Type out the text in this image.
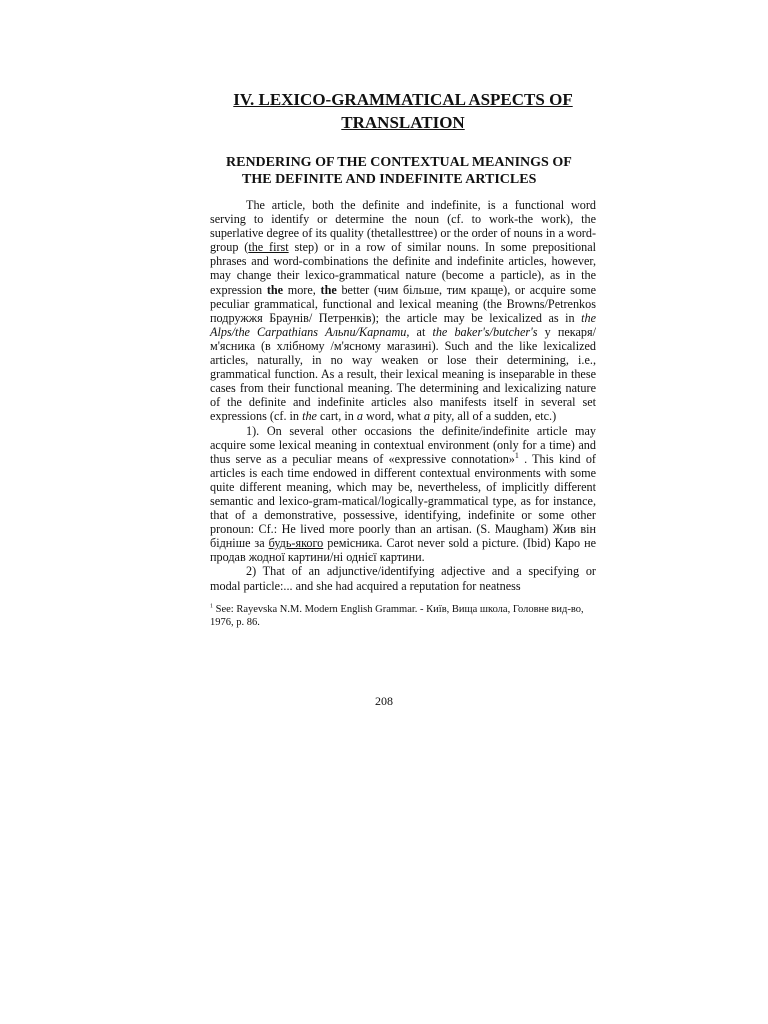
IV. LEXICO-GRAMMATICAL ASPECTS OF
TRANSLATION
RENDERING OF THE CONTEXTUAL MEANINGS OF
THE DEFINITE AND INDEFINITE ARTICLES

The article, both the definite and indefinite, is a functional word serving to identify or determine the noun (cf. to work-the work), the superlative degree of its quality (thetallesttree) or the order of nouns in a word-group (the first step) or in a row of similar nouns. In some prepositional phrases and word-combinations the definite and indefinite articles, however, may change their lexico-grammatical nature (become a particle), as in the expression the more, the better (чим більше, тим краще), or acquire some peculiar grammatical, functional and lexical meaning (the Browns/Petrenkos подружжя Браунів/ Петренків); the article may be lexicalized as in the Alps/the Carpathians Альпи/Карпати, at the baker's/butcher's у пекаря/ м'ясника (в хлібному /м'ясному магазині). Such and the like lexicalized articles, naturally, in no way weaken or lose their determining, i.e., grammatical function. As a result, their lexical meaning is inseparable in these cases from their functional meaning. The determining and lexicalizing nature of the definite and indefinite articles also manifests itself in several set expressions (cf. in the cart, in a word, what a pity, all of a sudden, etc.)

1). On several other occasions the definite/indefinite article may acquire some lexical meaning in contextual environment (only for a time) and thus serve as a peculiar means of «expressive connotation»$^1$ . This kind of articles is each time endowed in different contextual environments with some quite different meaning, which may be, nevertheless, of implicitly different semantic and lexico-gram-matical/logically-grammatical type, as for instance, that of a demonstrative, possessive, identifying, indefinite or some other pronoun: Cf.: He lived more poorly than an artisan. (S. Maugham) Жив він бідніше за будь-якого ремісника. Carot never sold a picture. (Ibid) Каро не продав жодної картини/ні однієї картини.

2) That of an adjunctive/identifying adjective and a specifying or modal particle:... and she had acquired a reputation for neatness

$^1$ See: Rayevska N.M. Modern English Grammar. - Київ, Вища школа, Головне вид-во, 1976, p. 86.
208
